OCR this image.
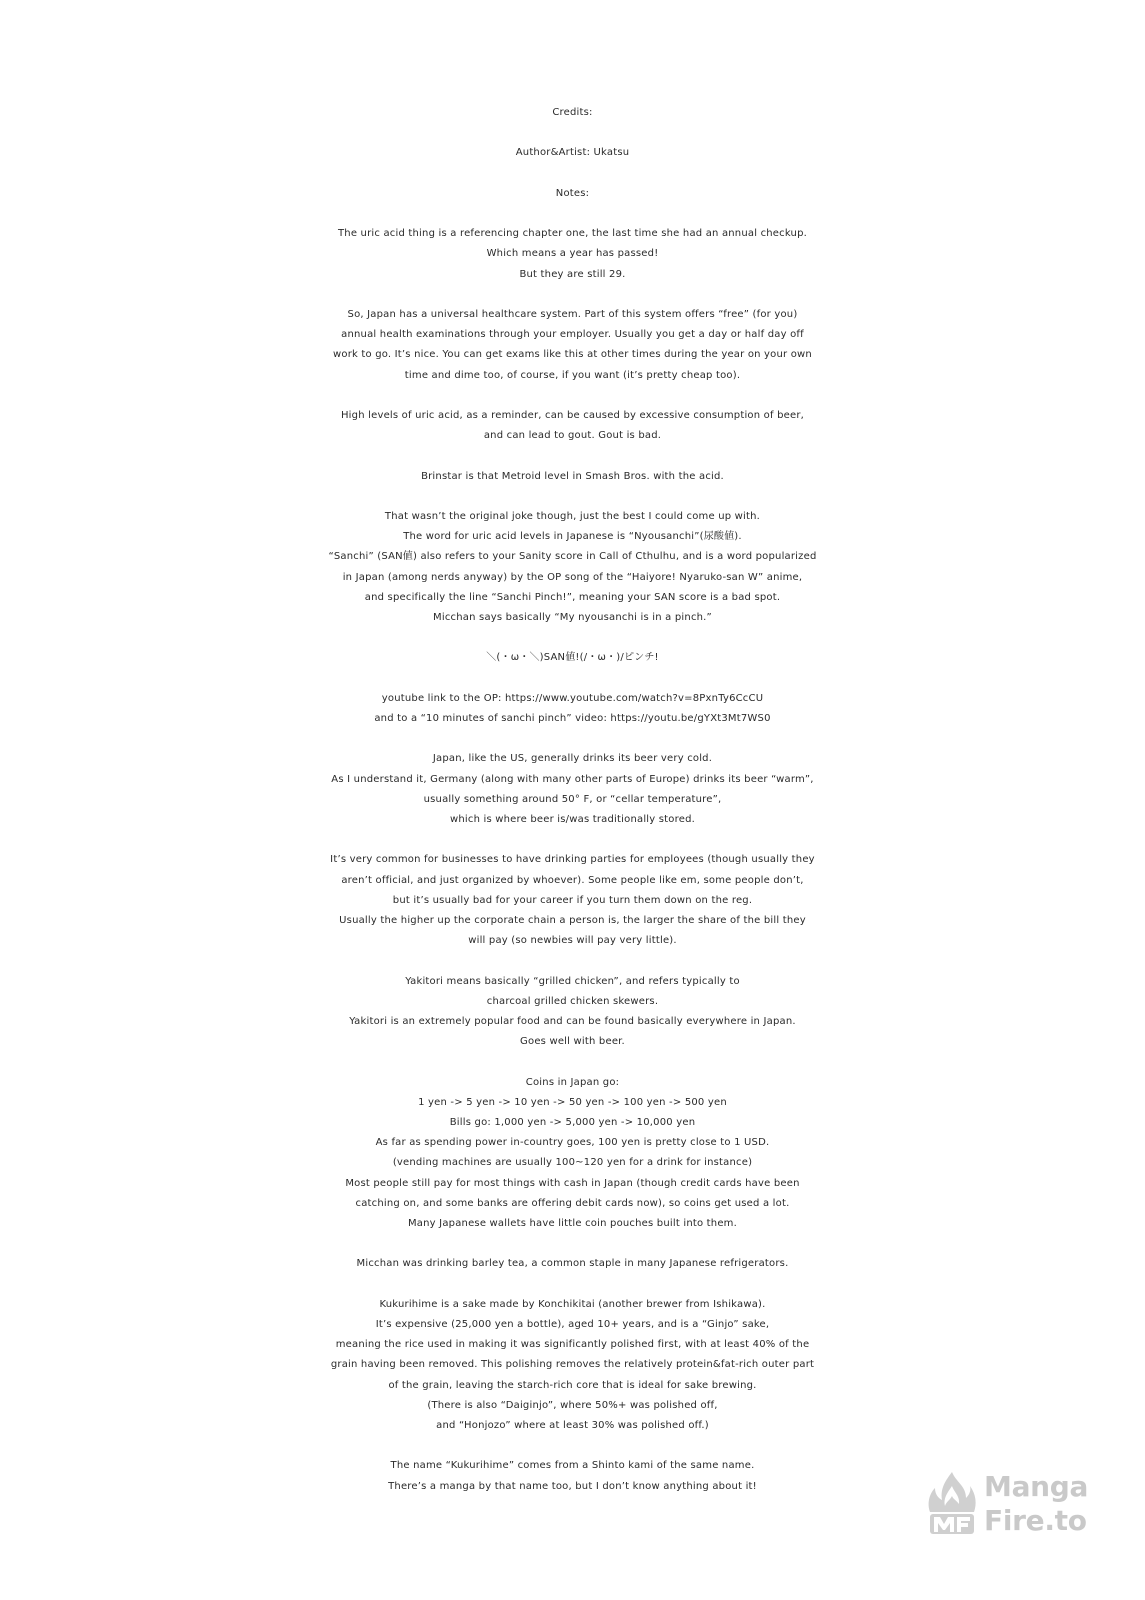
Credits:
Author&Artist: Ukatsu
Notes:
The uric acid thing is a referencing chapter one, the last time she had an annual checkup.
Which means a year has passed!
But they are still 29.
So, Japan has a universal healthcare system. Part of this system offers “free” (for you)
annual health examinations through your employer. Usually you get a day or half day off
work to go. It’s nice. You can get exams like this at other times during the year on your own
time and dime too, of course, if you want (it’s pretty cheap too).
High levels of uric acid, as a reminder, can be caused by excessive consumption of beer,
and can lead to gout. Gout is bad.
Brinstar is that Metroid level in Smash Bros. with the acid.
That wasn’t the original joke though, just the best I could come up with.
The word for uric acid levels in Japanese is “Nyousanchi”(尿酸値).
“Sanchi” (SAN値) also refers to your Sanity score in Call of Cthulhu, and is a word popularized
in Japan (among nerds anyway) by the OP song of the “Haiyore! Nyaruko-san W” anime,
and specifically the line “Sanchi Pinch!”, meaning your SAN score is a bad spot.
Micchan says basically “My nyousanchi is in a pinch.”
＼(・ω・＼)SAN値!(/・ω・)/ピンチ!
youtube link to the OP: https://www.youtube.com/watch?v=8PxnTy6CcCU
and to a “10 minutes of sanchi pinch” video: https://youtu.be/gYXt3Mt7WS0
Japan, like the US, generally drinks its beer very cold.
As I understand it, Germany (along with many other parts of Europe) drinks its beer “warm”,
usually something around 50° F, or “cellar temperature”,
which is where beer is/was traditionally stored.
It’s very common for businesses to have drinking parties for employees (though usually they
aren’t official, and just organized by whoever). Some people like em, some people don’t,
but it’s usually bad for your career if you turn them down on the reg.
Usually the higher up the corporate chain a person is, the larger the share of the bill they
will pay (so newbies will pay very little).
Yakitori means basically “grilled chicken”, and refers typically to
charcoal grilled chicken skewers.
Yakitori is an extremely popular food and can be found basically everywhere in Japan.
Goes well with beer.
Coins in Japan go:
1 yen -> 5 yen -> 10 yen -> 50 yen -> 100 yen -> 500 yen
Bills go: 1,000 yen -> 5,000 yen -> 10,000 yen
As far as spending power in-country goes, 100 yen is pretty close to 1 USD.
(vending machines are usually 100~120 yen for a drink for instance)
Most people still pay for most things with cash in Japan (though credit cards have been
catching on, and some banks are offering debit cards now), so coins get used a lot.
Many Japanese wallets have little coin pouches built into them.
Micchan was drinking barley tea, a common staple in many Japanese refrigerators.
Kukurihime is a sake made by Konchikitai (another brewer from Ishikawa).
It’s expensive (25,000 yen a bottle), aged 10+ years, and is a “Ginjo” sake,
meaning the rice used in making it was significantly polished first, with at least 40% of the
grain having been removed. This polishing removes the relatively protein&fat-rich outer part
of the grain, leaving the starch-rich core that is ideal for sake brewing.
(There is also “Daiginjo”, where 50%+ was polished off,
and “Honjozo” where at least 30% was polished off.)
The name “Kukurihime” comes from a Shinto kami of the same name.
There’s a manga by that name too, but I don’t know anything about it!	Manga
Fire.to
